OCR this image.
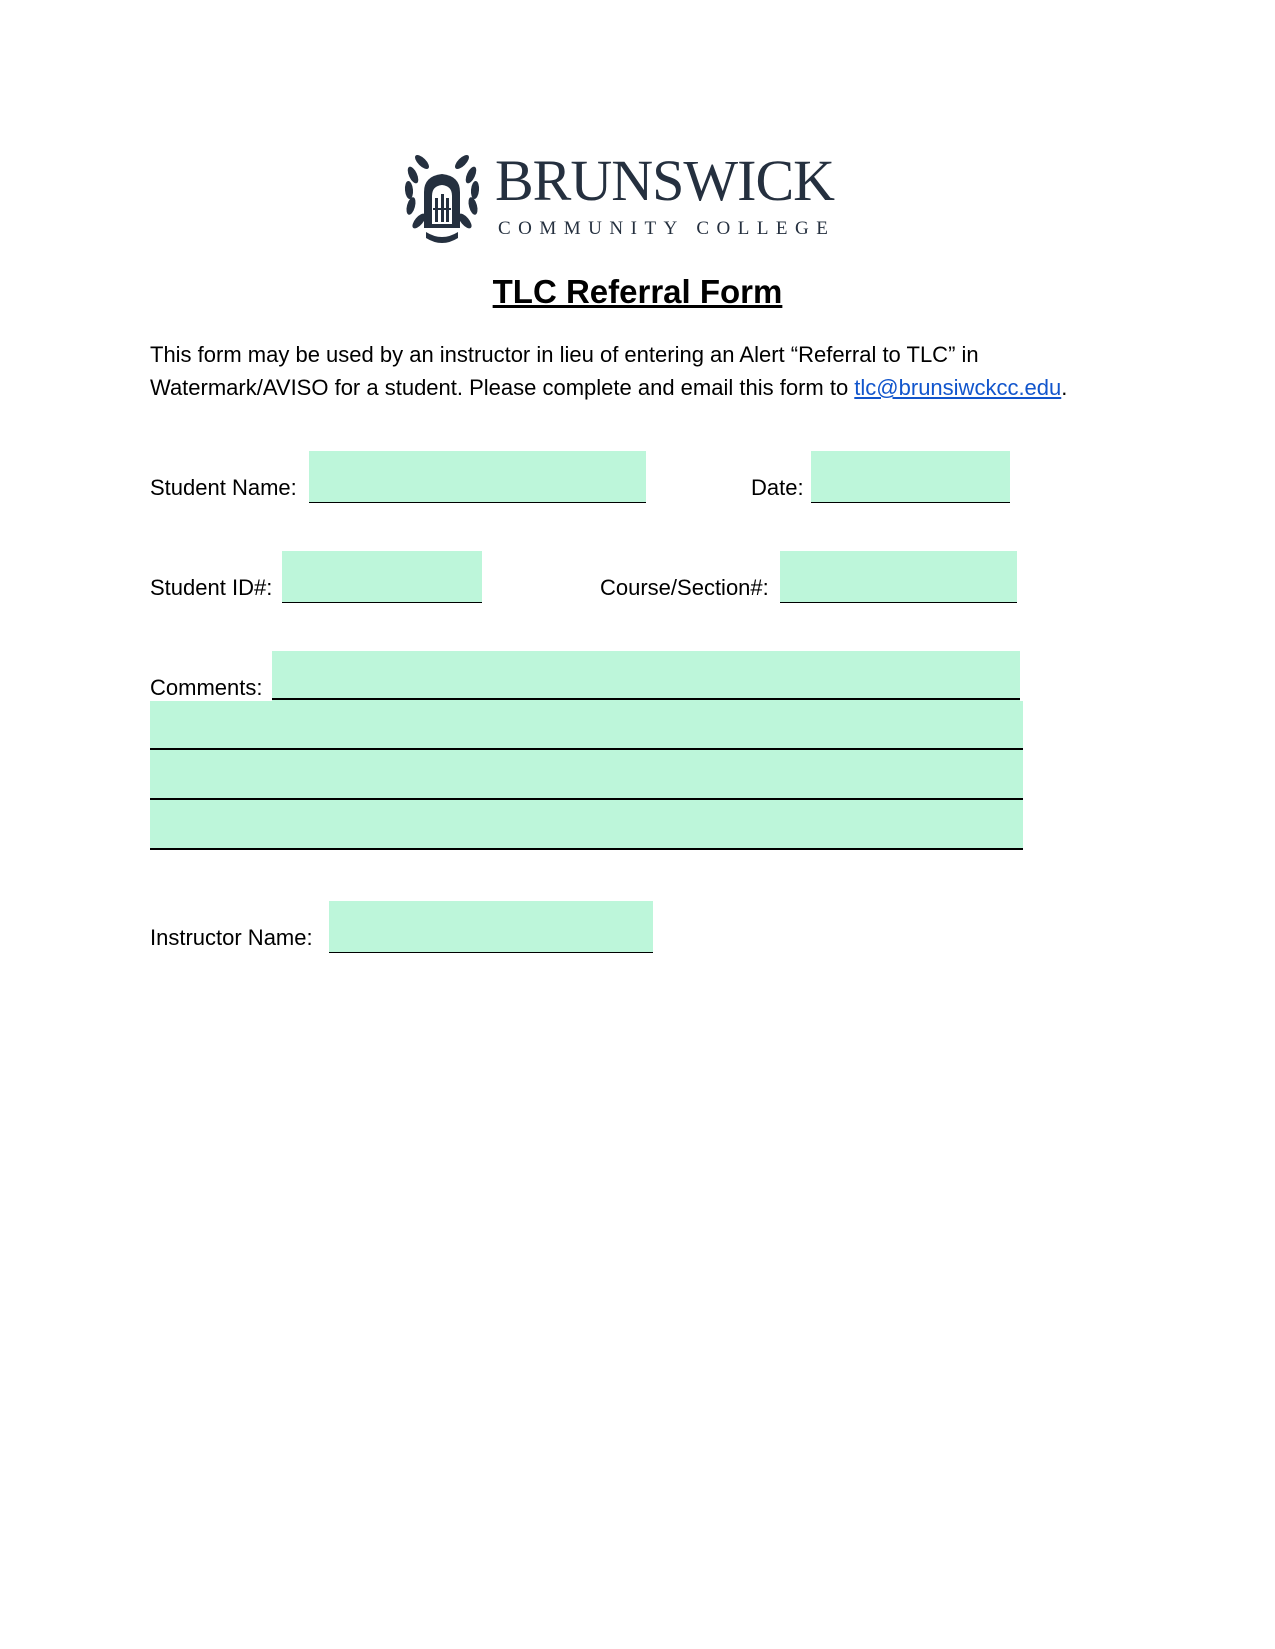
BRUNSWICK
COMMUNITY COLLEGE
TLC Referral Form
This form may be used by an instructor in lieu of entering an Alert “Referral to TLC” in
Watermark/AVISO for a student. Please complete and email this form to tlc@brunsiwckcc.edu.
Student Name:	Date:
Student ID#:	Course/Section#:
Comments:
Instructor Name:
